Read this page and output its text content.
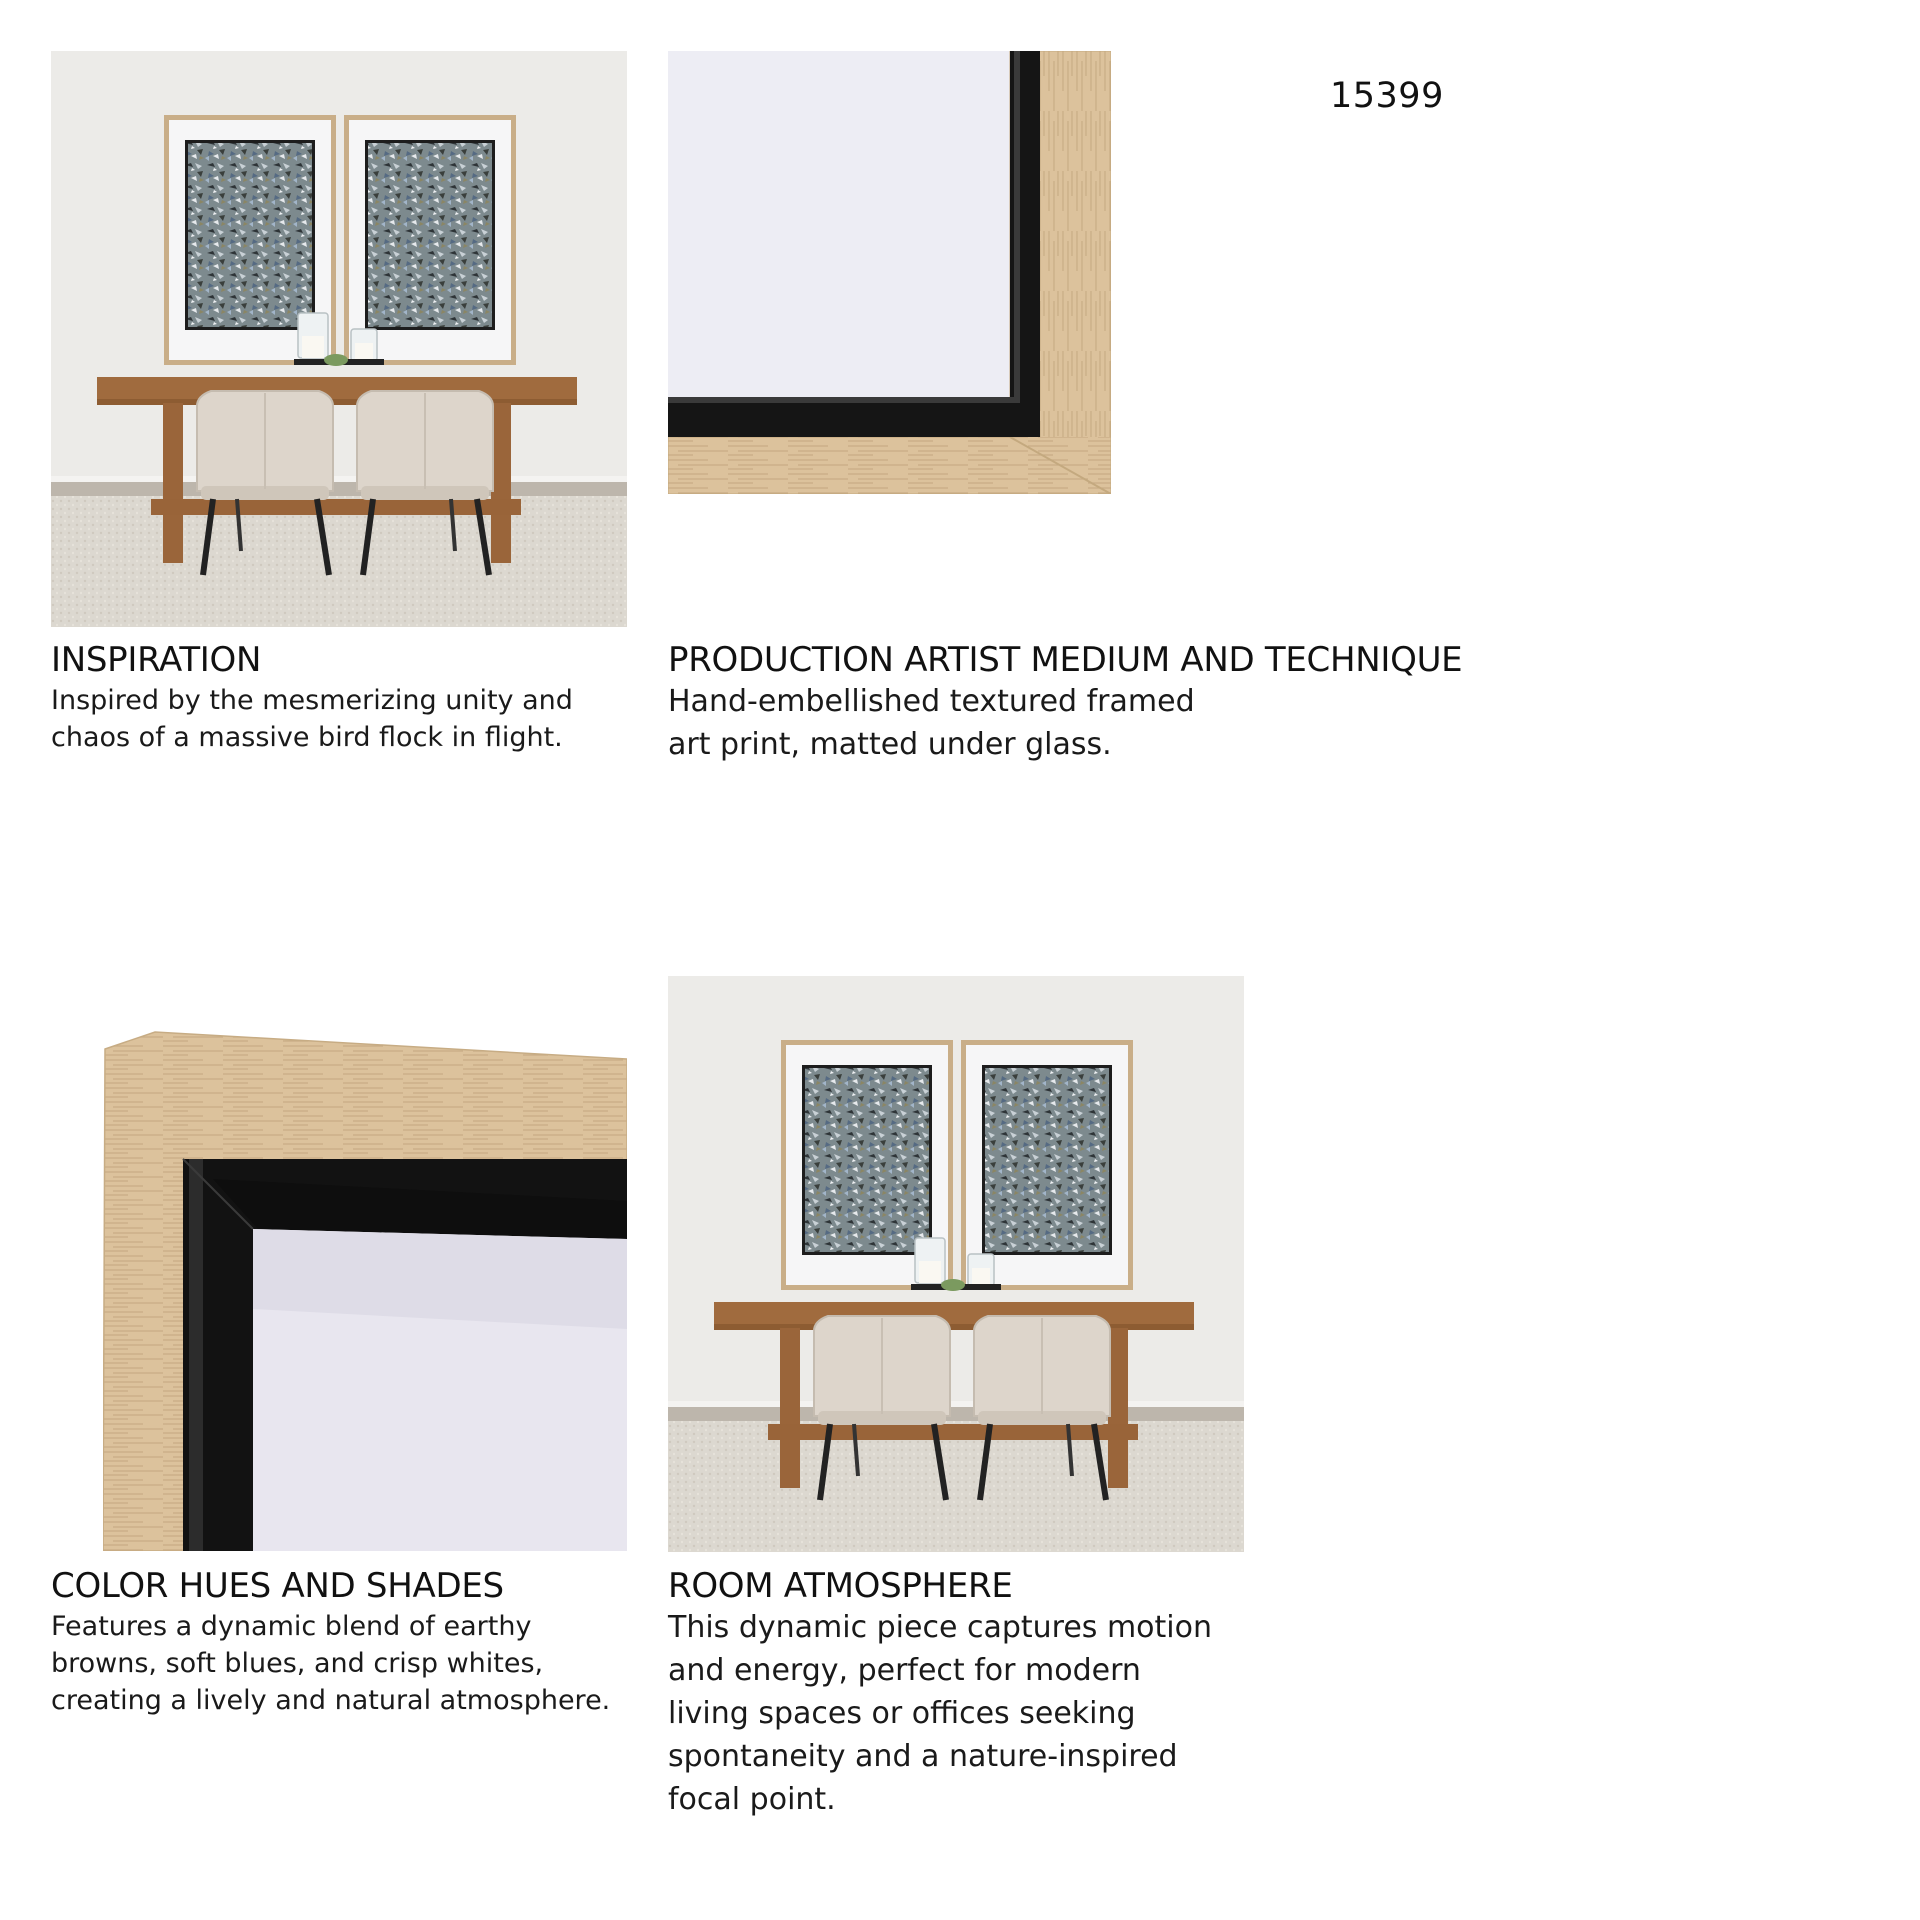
15399
INSPIRATION

Inspired by the mesmerizing unity and chaos of a massive bird flock in flight.

PRODUCTION ARTIST MEDIUM AND TECHNIQUE

Hand-embellished textured framed art print, matted under glass.

COLOR HUES AND SHADES

Features a dynamic blend of earthy browns, soft blues, and crisp whites, creating a lively and natural atmosphere.

ROOM ATMOSPHERE

This dynamic piece captures motion and energy, perfect for modern living spaces or offices seeking spontaneity and a nature-inspired focal point.
